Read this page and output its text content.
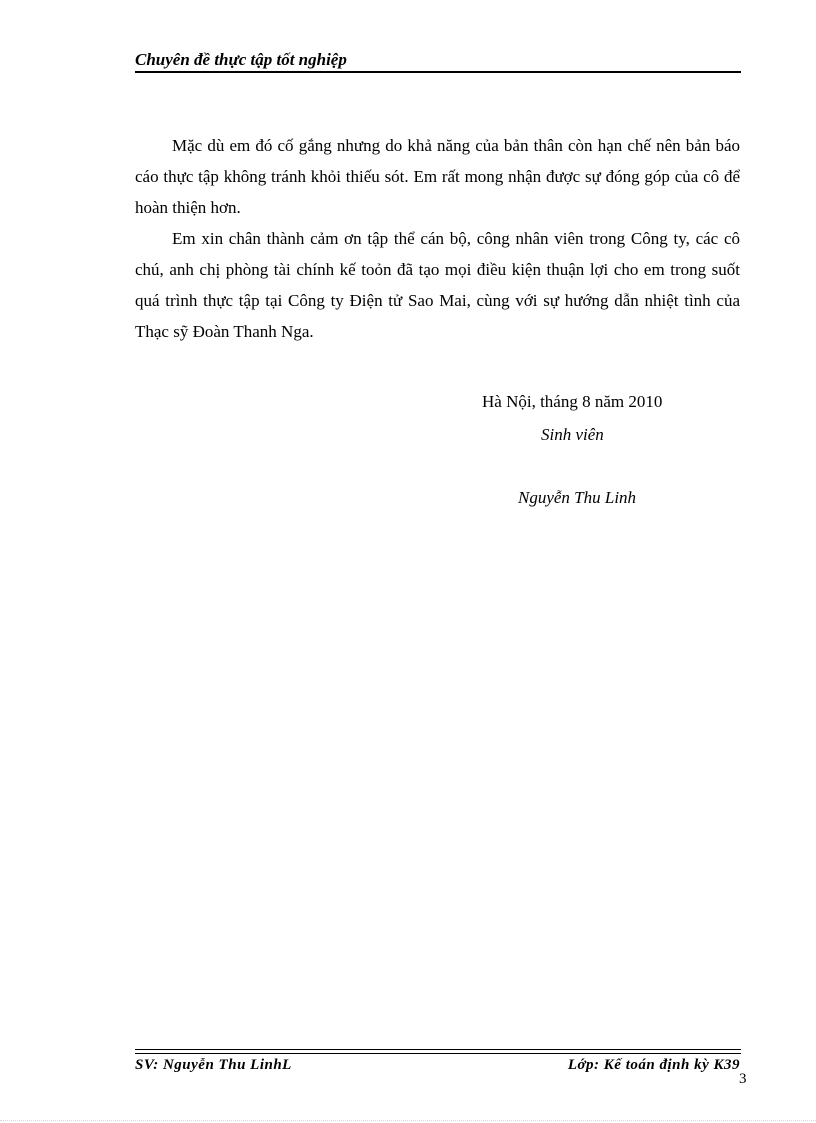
Chuyên đề thực tập tốt nghiệp

Mặc dù em đó cố gắng nhưng do khả năng của bản thân còn hạn chế nên bản báo cáo thực tập không tránh khỏi thiếu sót. Em rất mong nhận được sự đóng góp của cô để hoàn thiện hơn.

Em xin chân thành cảm ơn tập thể cán bộ, công nhân viên trong Công ty, các cô chú, anh chị phòng tài chính kế toỏn đã tạo mọi điều kiện thuận lợi cho em trong suốt quá trình thực tập tại Công ty Điện tử Sao Mai, cùng với sự hướng dẫn nhiệt tình của Thạc sỹ Đoàn Thanh Nga.

Hà Nội, tháng 8 năm 2010
Sinh viên
Nguyễn Thu Linh
SV: Nguyễn Thu LinhL	Lớp: Kế toán định kỳ K39
3
